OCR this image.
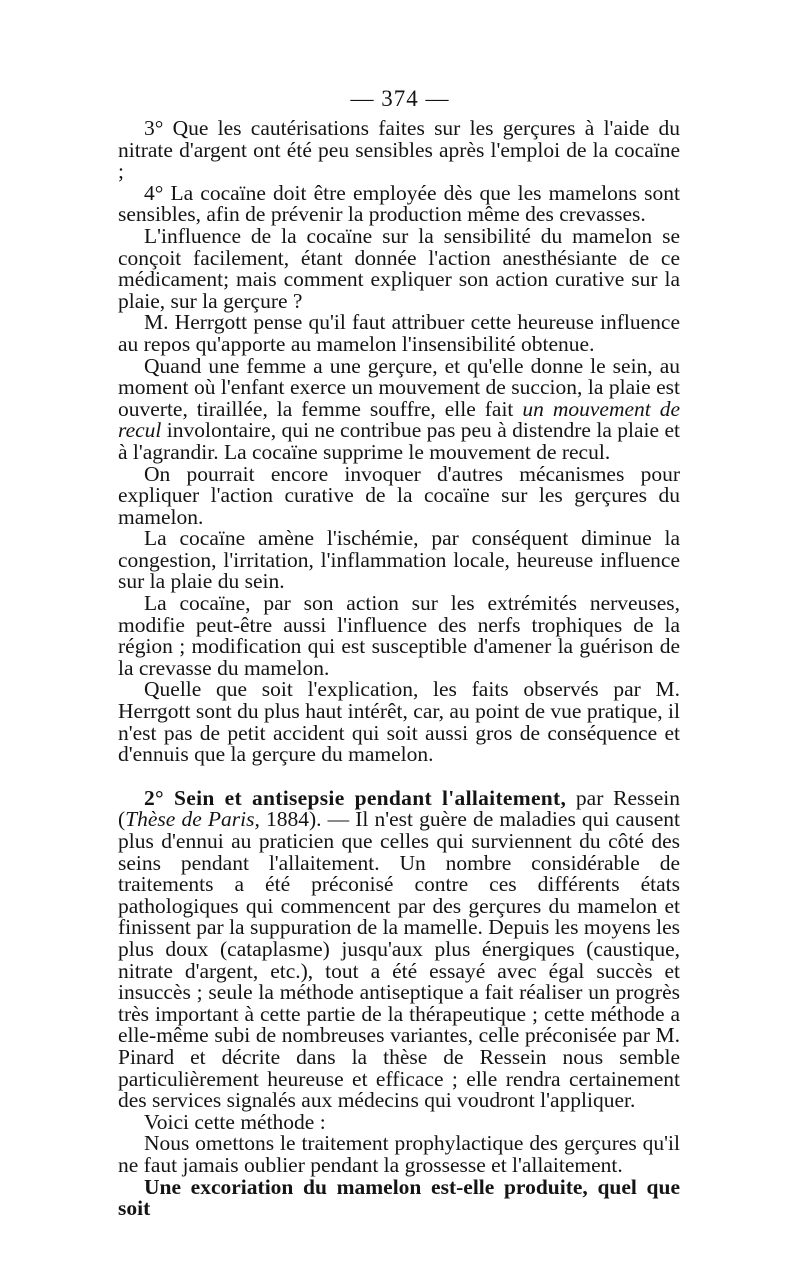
— 374 —

3° Que les cautérisations faites sur les gerçures à l'aide du nitrate d'argent ont été peu sensibles après l'emploi de la cocaïne ;

4° La cocaïne doit être employée dès que les mamelons sont sensibles, afin de prévenir la production même des crevasses.

L'influence de la cocaïne sur la sensibilité du mamelon se conçoit facilement, étant donnée l'action anesthésiante de ce médicament; mais comment expliquer son action curative sur la plaie, sur la gerçure ?

M. Herrgott pense qu'il faut attribuer cette heureuse influence au repos qu'apporte au mamelon l'insensibilité obtenue.

Quand une femme a une gerçure, et qu'elle donne le sein, au moment où l'enfant exerce un mouvement de succion, la plaie est ouverte, tiraillée, la femme souffre, elle fait un mouvement de recul involontaire, qui ne contribue pas peu à distendre la plaie et à l'agrandir. La cocaïne supprime le mouvement de recul.

On pourrait encore invoquer d'autres mécanismes pour expliquer l'action curative de la cocaïne sur les gerçures du mamelon.

La cocaïne amène l'ischémie, par conséquent diminue la congestion, l'irritation, l'inflammation locale, heureuse influence sur la plaie du sein.

La cocaïne, par son action sur les extrémités nerveuses, modifie peut-être aussi l'influence des nerfs trophiques de la région ; modification qui est susceptible d'amener la guérison de la crevasse du mamelon.

Quelle que soit l'explication, les faits observés par M. Herrgott sont du plus haut intérêt, car, au point de vue pratique, il n'est pas de petit accident qui soit aussi gros de conséquence et d'ennuis que la gerçure du mamelon.

2° Sein et antisepsie pendant l'allaitement, par Ressein (Thèse de Paris, 1884). — Il n'est guère de maladies qui causent plus d'ennui au praticien que celles qui surviennent du côté des seins pendant l'allaitement. Un nombre considérable de traitements a été préconisé contre ces différents états pathologiques qui commencent par des gerçures du mamelon et finissent par la suppuration de la mamelle. Depuis les moyens les plus doux (cataplasme) jusqu'aux plus énergiques (caustique, nitrate d'argent, etc.), tout a été essayé avec égal succès et insuccès ; seule la méthode antiseptique a fait réaliser un progrès très important à cette partie de la thérapeutique ; cette méthode a elle-même subi de nombreuses variantes, celle préconisée par M. Pinard et décrite dans la thèse de Ressein nous semble particulièrement heureuse et efficace ; elle rendra certainement des services signalés aux médecins qui voudront l'appliquer.

Voici cette méthode :

Nous omettons le traitement prophylactique des gerçures qu'il ne faut jamais oublier pendant la grossesse et l'allaitement.

Une excoriation du mamelon est-elle produite, quel que soit
